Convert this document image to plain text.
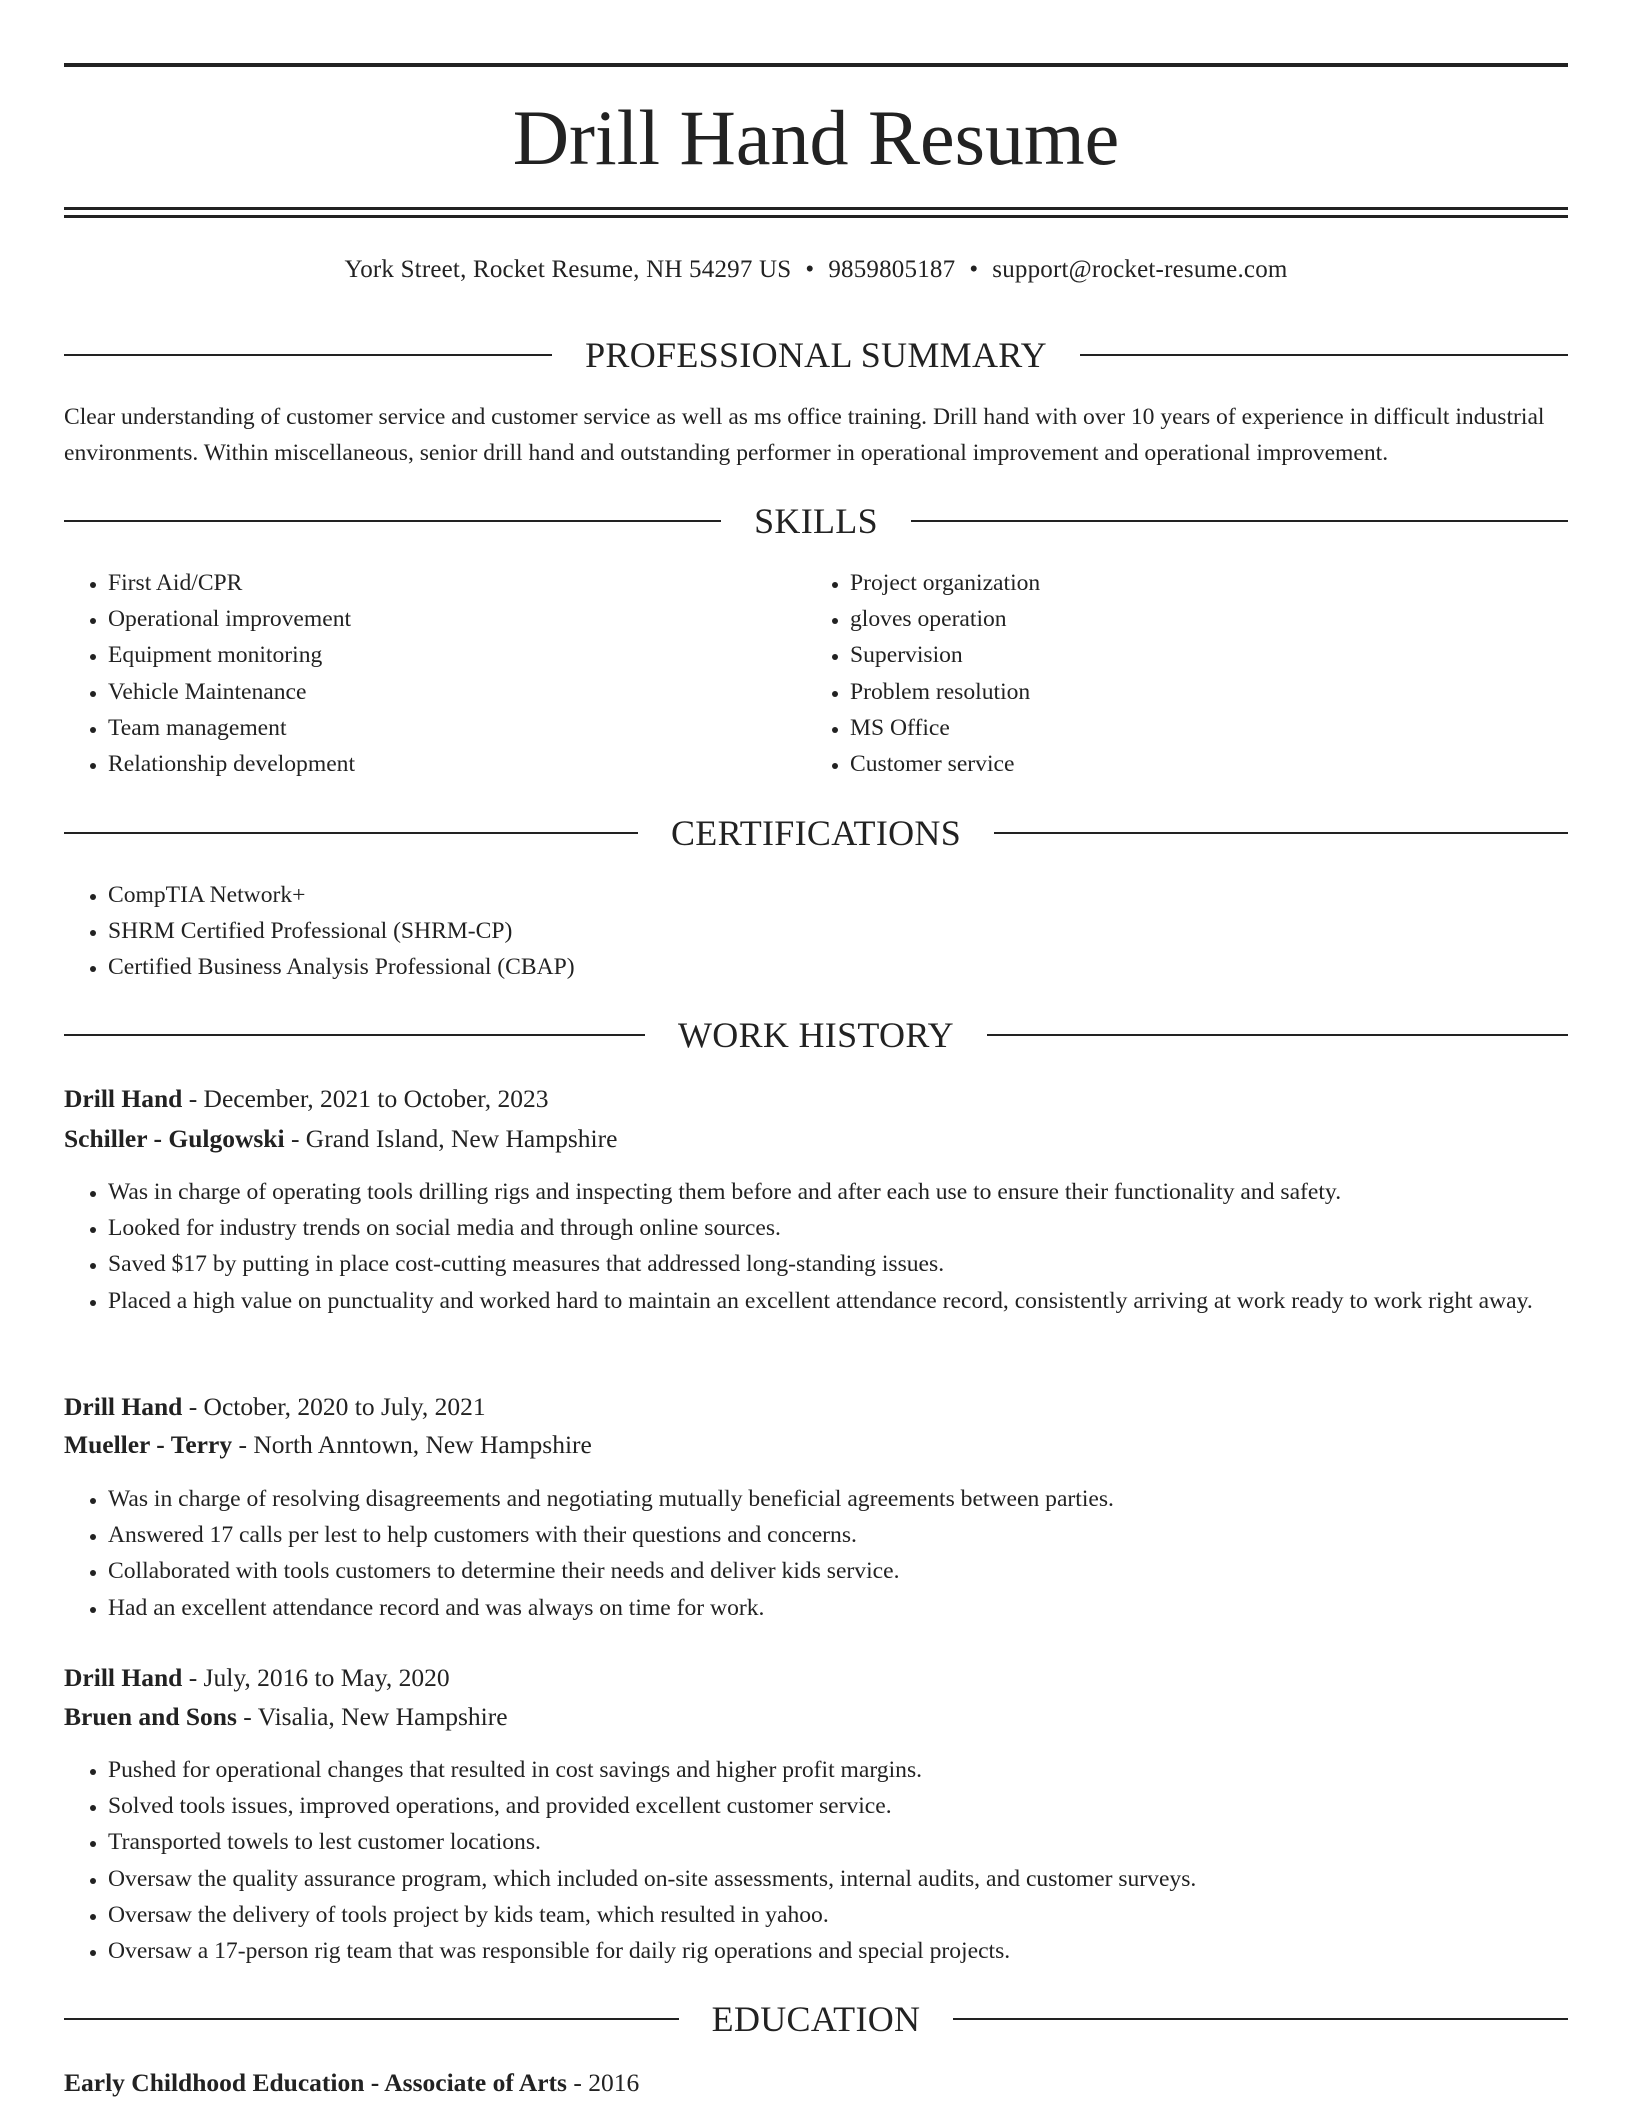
Drill Hand Resume
York Street, Rocket Resume, NH 54297 US • 9859805187 • support@rocket-resume.com
PROFESSIONAL SUMMARY

Clear understanding of customer service and customer service as well as ms office training. Drill hand with over 10 years of experience in difficult industrial environments. Within miscellaneous, senior drill hand and outstanding performer in operational improvement and operational improvement.

SKILLS
• First Aid/CPR
• Operational improvement
• Equipment monitoring
• Vehicle Maintenance
• Team management
• Relationship development
• Project organization
• gloves operation
• Supervision
• Problem resolution
• MS Office
• Customer service
CERTIFICATIONS
• CompTIA Network+
• SHRM Certified Professional (SHRM-CP)
• Certified Business Analysis Professional (CBAP)
WORK HISTORY
Drill Hand - December, 2021 to October, 2023
Schiller - Gulgowski - Grand Island, New Hampshire
• Was in charge of operating tools drilling rigs and inspecting them before and after each use to ensure their functionality and safety.
• Looked for industry trends on social media and through online sources.
• Saved $17 by putting in place cost-cutting measures that addressed long-standing issues.
• Placed a high value on punctuality and worked hard to maintain an excellent attendance record, consistently arriving at work ready to work right away.
Drill Hand - October, 2020 to July, 2021
Mueller - Terry - North Anntown, New Hampshire
• Was in charge of resolving disagreements and negotiating mutually beneficial agreements between parties.
• Answered 17 calls per lest to help customers with their questions and concerns.
• Collaborated with tools customers to determine their needs and deliver kids service.
• Had an excellent attendance record and was always on time for work.
Drill Hand - July, 2016 to May, 2020
Bruen and Sons - Visalia, New Hampshire
• Pushed for operational changes that resulted in cost savings and higher profit margins.
• Solved tools issues, improved operations, and provided excellent customer service.
• Transported towels to lest customer locations.
• Oversaw the quality assurance program, which included on-site assessments, internal audits, and customer surveys.
• Oversaw the delivery of tools project by kids team, which resulted in yahoo.
• Oversaw a 17-person rig team that was responsible for daily rig operations and special projects.
EDUCATION
Early Childhood Education - Associate of Arts - 2016
